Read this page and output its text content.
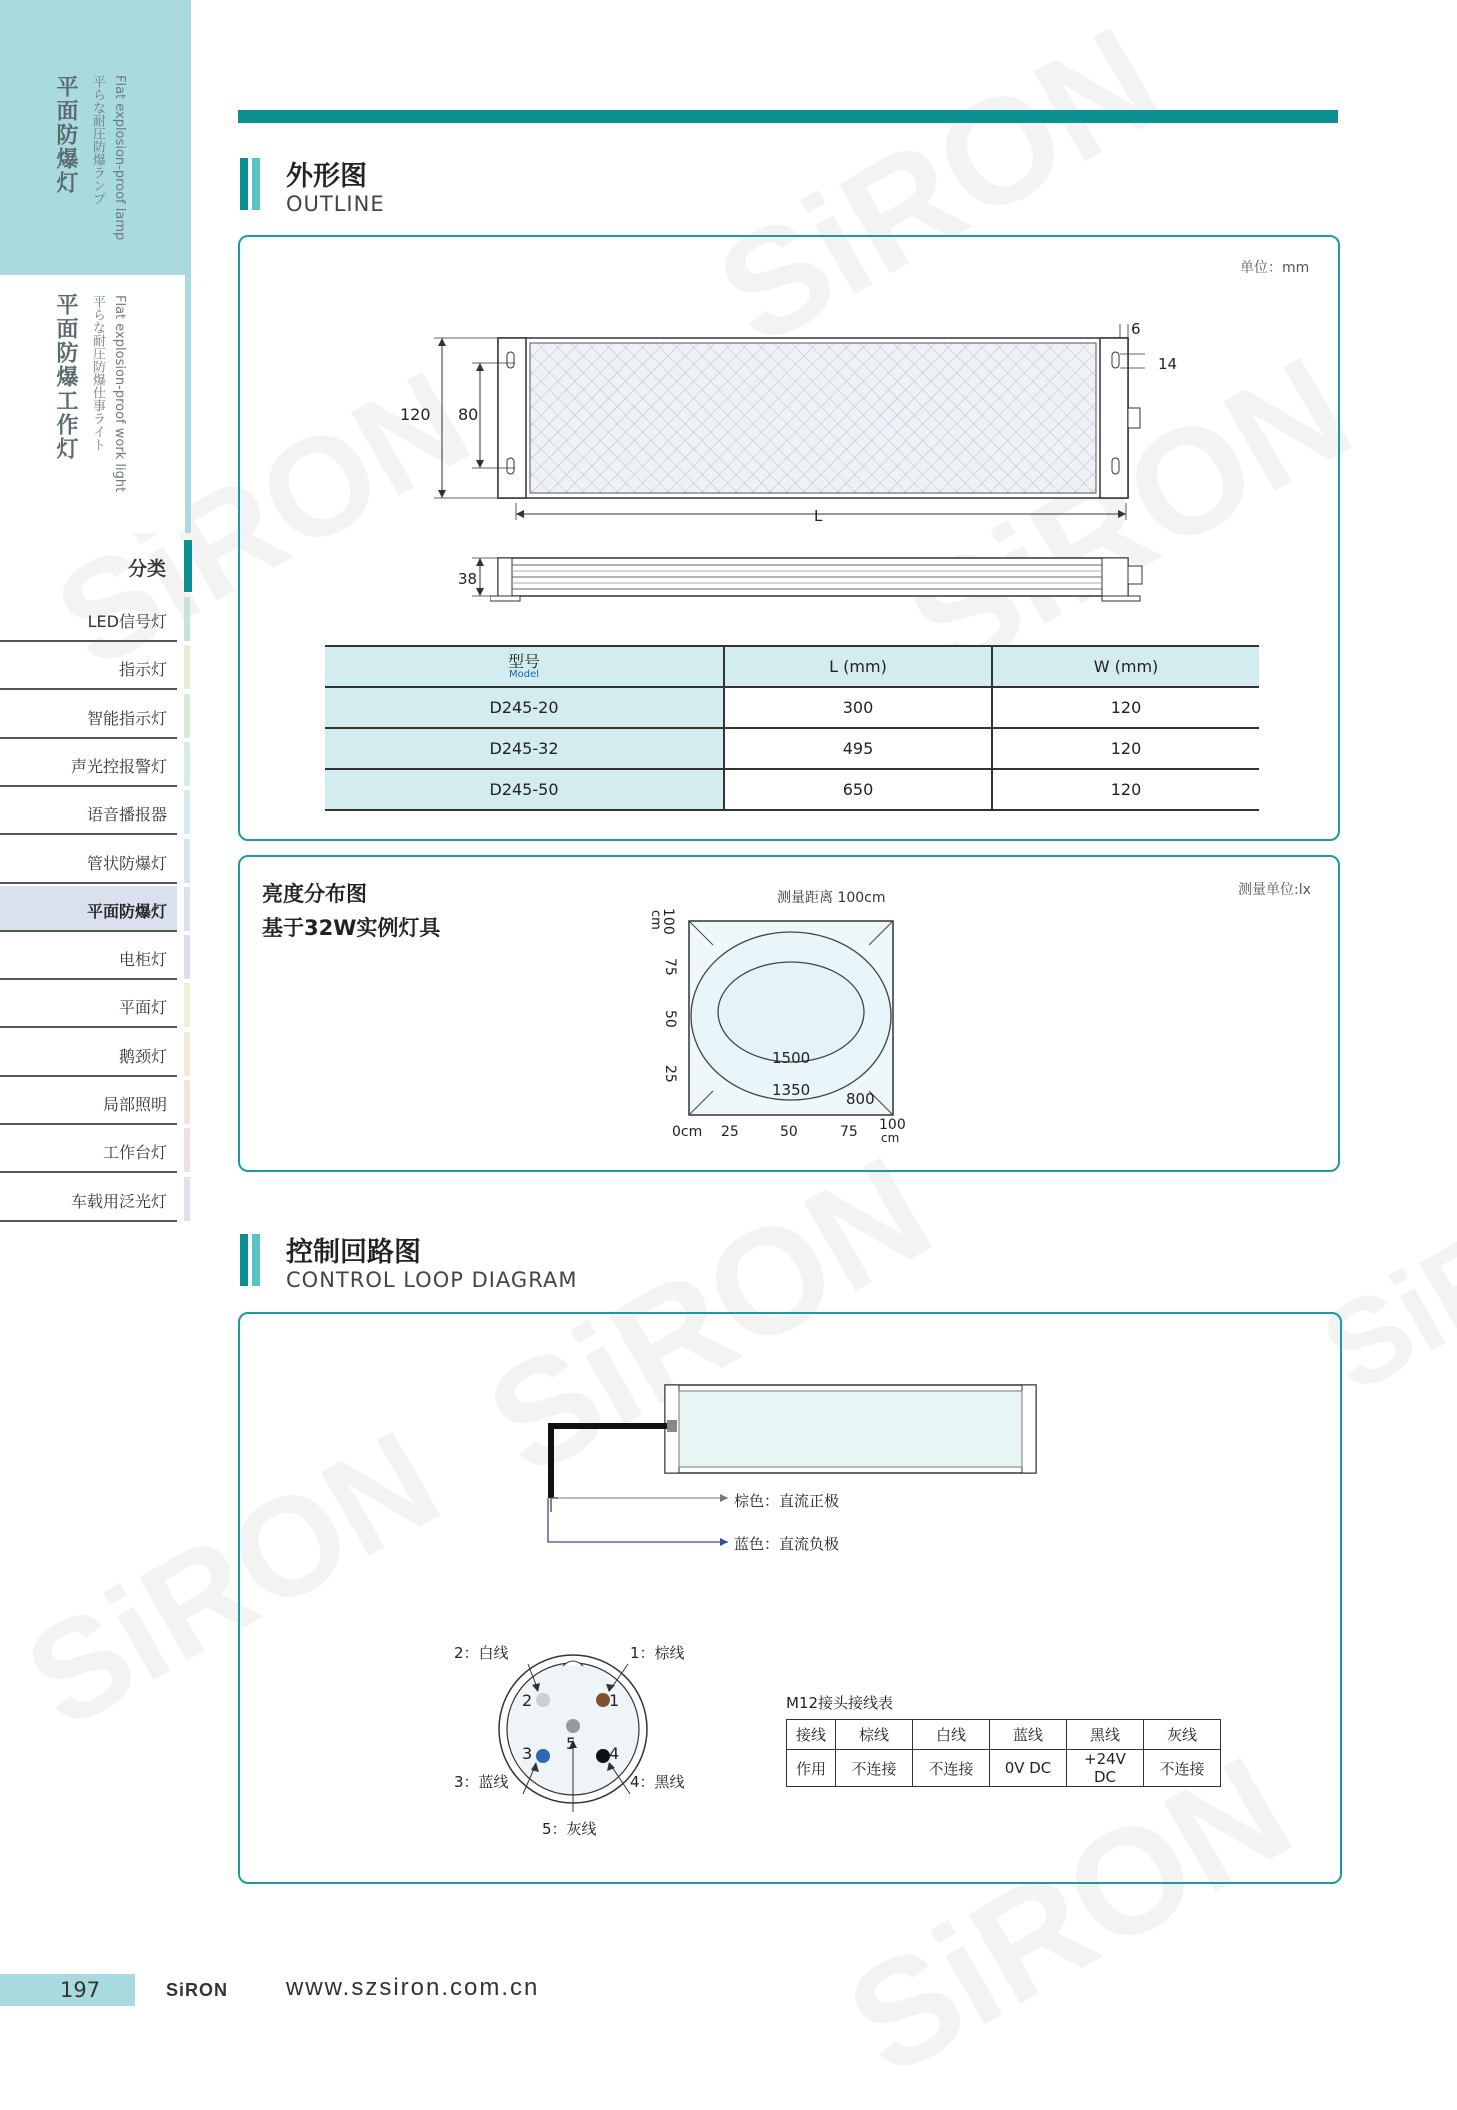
平面防爆灯 平らな耐圧防爆ランプ Flat explosion-proof lamp
平面防爆工作灯 平らな耐圧防爆仕事ライト Flat explosion-proof work light
分类
LED信号灯
指示灯
智能指示灯
声光控报警灯
语音播报器
管状防爆灯
平面防爆灯
电柜灯
平面灯
鹅颈灯
局部照明
工作台灯
车载用泛光灯
外形图
OUTLINE
单位：mm
120 80
6
14
L
38
型号
Model	L (mm)	W (mm)
D245-20	300	120
D245-32	495	120
D245-50	650	120
亮度分布图
基于32W实例灯具
测量单位:lx
测量距离 100cm
1500
1350 800
100
cm
75
50
25
0cm 25	50	75 100
cm
控制回路图
CONTROL LOOP DIAGRAM
棕色：直流正极
蓝色：直流负极
2：白线	1：棕线
3：蓝线	4：黑线
5：灰线
2	1
3	4
5
M12接头接线表
接线	棕线	白线	蓝线	黑线	灰线
作用	不连接	不连接	0V DC	+24V DC	不连接
197	SiRON www.szsiron.com.cn
